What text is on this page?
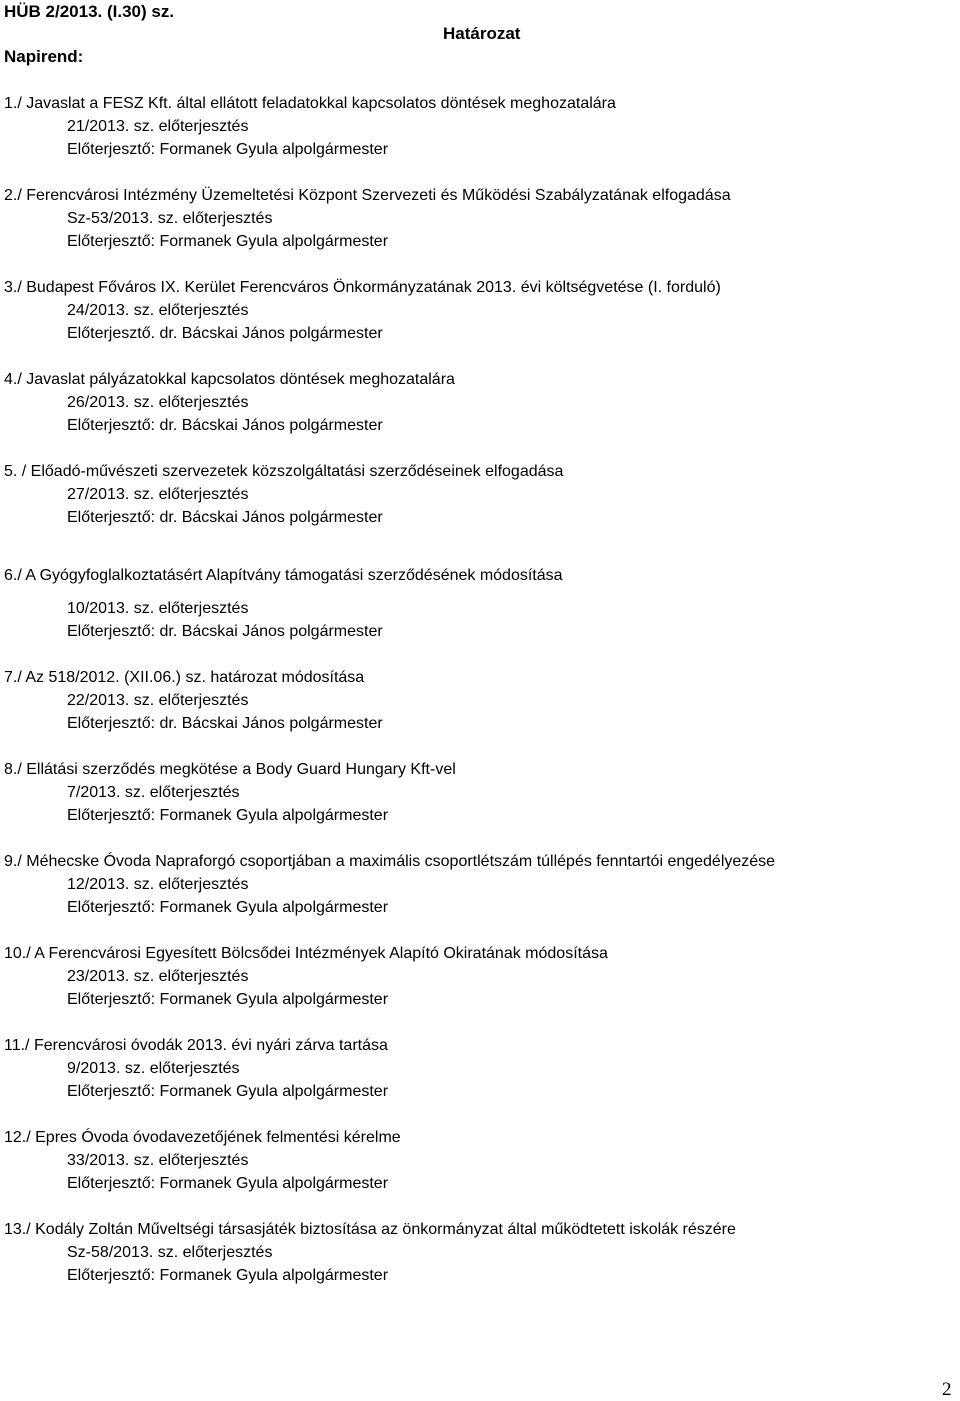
HÜB 2/2013. (I.30) sz.
Határozat
Napirend:
1./ Javaslat a FESZ Kft. által ellátott feladatokkal kapcsolatos döntések meghozatalára
21/2013. sz. előterjesztés
Előterjesztő: Formanek Gyula alpolgármester
2./ Ferencvárosi Intézmény Üzemeltetési Központ Szervezeti és Működési Szabályzatának elfogadása
Sz-53/2013. sz. előterjesztés
Előterjesztő: Formanek Gyula alpolgármester
3./ Budapest Főváros IX. Kerület Ferencváros Önkormányzatának 2013. évi költségvetése (I. forduló)
24/2013. sz. előterjesztés
Előterjesztő. dr. Bácskai János polgármester
4./ Javaslat pályázatokkal kapcsolatos döntések meghozatalára
26/2013. sz. előterjesztés
Előterjesztő: dr. Bácskai János polgármester
5. / Előadó-művészeti szervezetek közszolgáltatási szerződéseinek elfogadása
27/2013. sz. előterjesztés
Előterjesztő: dr. Bácskai János polgármester
6./ A Gyógyfoglalkoztatásért Alapítvány támogatási szerződésének módosítása
10/2013. sz. előterjesztés
Előterjesztő: dr. Bácskai János polgármester
7./ Az 518/2012. (XII.06.) sz. határozat módosítása
22/2013. sz. előterjesztés
Előterjesztő: dr. Bácskai János polgármester
8./ Ellátási szerződés megkötése a Body Guard Hungary Kft-vel
7/2013. sz. előterjesztés
Előterjesztő: Formanek Gyula alpolgármester
9./ Méhecske Óvoda Napraforgó csoportjában a maximális csoportlétszám túllépés fenntartói engedélyezése
12/2013. sz. előterjesztés
Előterjesztő: Formanek Gyula alpolgármester
10./ A Ferencvárosi Egyesített Bölcsődei Intézmények Alapító Okiratának módosítása
23/2013. sz. előterjesztés
Előterjesztő: Formanek Gyula alpolgármester
11./ Ferencvárosi óvodák 2013. évi nyári zárva tartása
9/2013. sz. előterjesztés
Előterjesztő: Formanek Gyula alpolgármester
12./ Epres Óvoda óvodavezetőjének felmentési kérelme
33/2013. sz. előterjesztés
Előterjesztő: Formanek Gyula alpolgármester
13./ Kodály Zoltán Műveltségi társasjáték biztosítása az önkormányzat által működtetett iskolák részére
Sz-58/2013. sz. előterjesztés
Előterjesztő: Formanek Gyula alpolgármester
2
